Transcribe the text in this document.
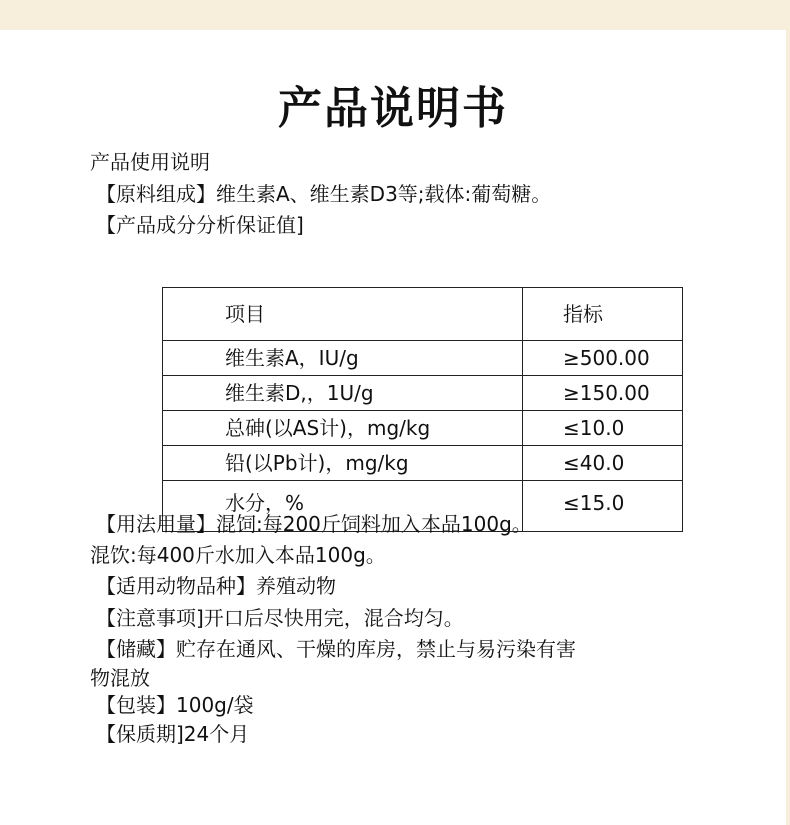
产品说明书
产品使用说明
【原料组成】维生素A、维生素D3等;载体:葡萄糖。
【产品成分分析保证值]
项目	指标
维生素A，IU/g	≥500.00
维生素D,，1U/g	≥150.00
总砷(以AS计)，mg/kg	≤10.0
铅(以Pb计)，mg/kg	≤40.0
水分，%	≤15.0
【用法用量】混饲:每200斤饲料加入本品100g。
混饮:每400斤水加入本品100g。
【适用动物品种】养殖动物
【注意事项]开口后尽快用完，混合均匀。
【储藏】贮存在通风、干燥的库房，禁止与易污染有害
物混放
【包装】100g/袋
【保质期]24个月
